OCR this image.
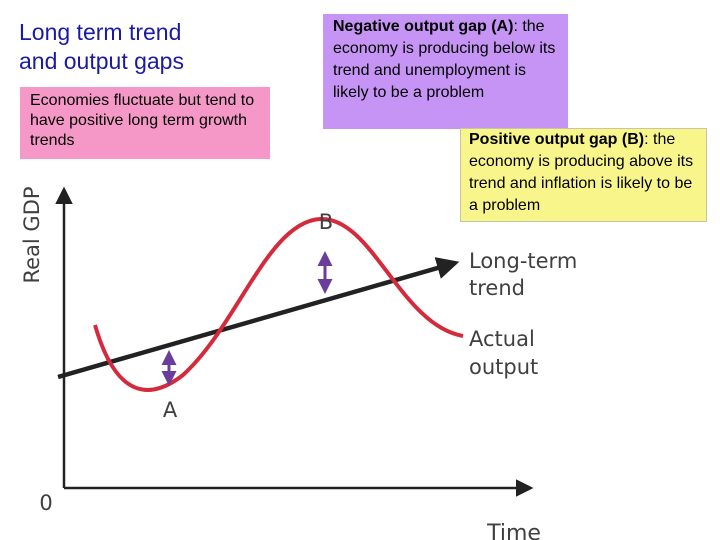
Long term trend
and output gaps
Economies fluctuate but tend to have positive long term growth trends
Negative output gap (A): the economy is producing below its trend and unemployment is likely to be a problem
Positive output gap (B): the economy is producing above its trend and inflation is likely to be a problem
Real GDP
Time
0
A
B
Long-term
trend
Actual
output
